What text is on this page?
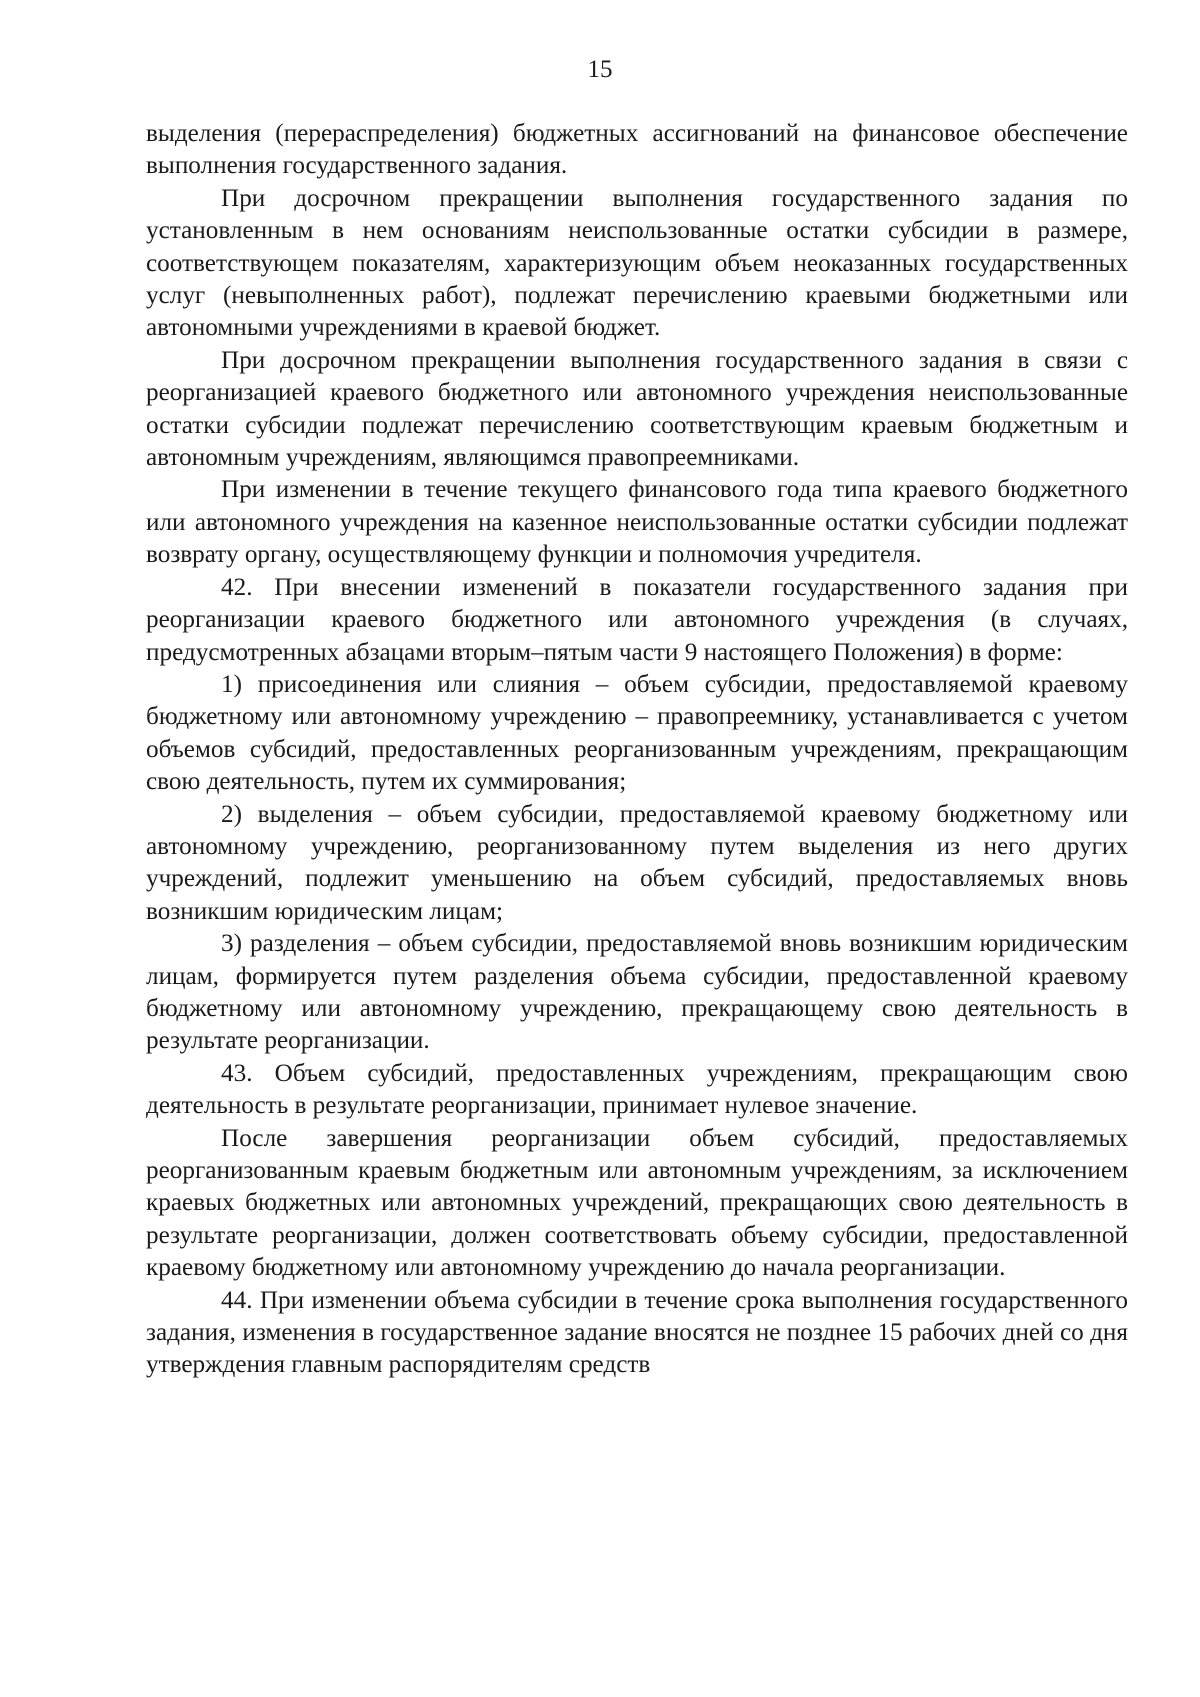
15

выделения (перераспределения) бюджетных ассигнований на финансовое обеспечение выполнения государственного задания.

При досрочном прекращении выполнения государственного задания по установленным в нем основаниям неиспользованные остатки субсидии в размере, соответствующем показателям, характеризующим объем неоказанных государственных услуг (невыполненных работ), подлежат перечислению краевыми бюджетными или автономными учреждениями в краевой бюджет.

При досрочном прекращении выполнения государственного задания в связи с реорганизацией краевого бюджетного или автономного учреждения неиспользованные остатки субсидии подлежат перечислению соответствующим краевым бюджетным и автономным учреждениям, являющимся правопреемниками.

При изменении в течение текущего финансового года типа краевого бюджетного или автономного учреждения на казенное неиспользованные остатки субсидии подлежат возврату органу, осуществляющему функции и полномочия учредителя.

42. При внесении изменений в показатели государственного задания при реорганизации краевого бюджетного или автономного учреждения (в случаях, предусмотренных абзацами вторым–пятым части 9 настоящего Положения) в форме:

1) присоединения или слияния – объем субсидии, предоставляемой краевому бюджетному или автономному учреждению – правопреемнику, устанавливается с учетом объемов субсидий, предоставленных реорганизованным учреждениям, прекращающим свою деятельность, путем их суммирования;

2) выделения – объем субсидии, предоставляемой краевому бюджетному или автономному учреждению, реорганизованному путем выделения из него других учреждений, подлежит уменьшению на объем субсидий, предоставляемых вновь возникшим юридическим лицам;

3) разделения – объем субсидии, предоставляемой вновь возникшим юридическим лицам, формируется путем разделения объема субсидии, предоставленной краевому бюджетному или автономному учреждению, прекращающему свою деятельность в результате реорганизации.

43. Объем субсидий, предоставленных учреждениям, прекращающим свою деятельность в результате реорганизации, принимает нулевое значение.

После завершения реорганизации объем субсидий, предоставляемых реорганизованным краевым бюджетным или автономным учреждениям, за исключением краевых бюджетных или автономных учреждений, прекращающих свою деятельность в результате реорганизации, должен соответствовать объему субсидии, предоставленной краевому бюджетному или автономному учреждению до начала реорганизации.

44. При изменении объема субсидии в течение срока выполнения государственного задания, изменения в государственное задание вносятся не позднее 15 рабочих дней со дня утверждения главным распорядителям средств
